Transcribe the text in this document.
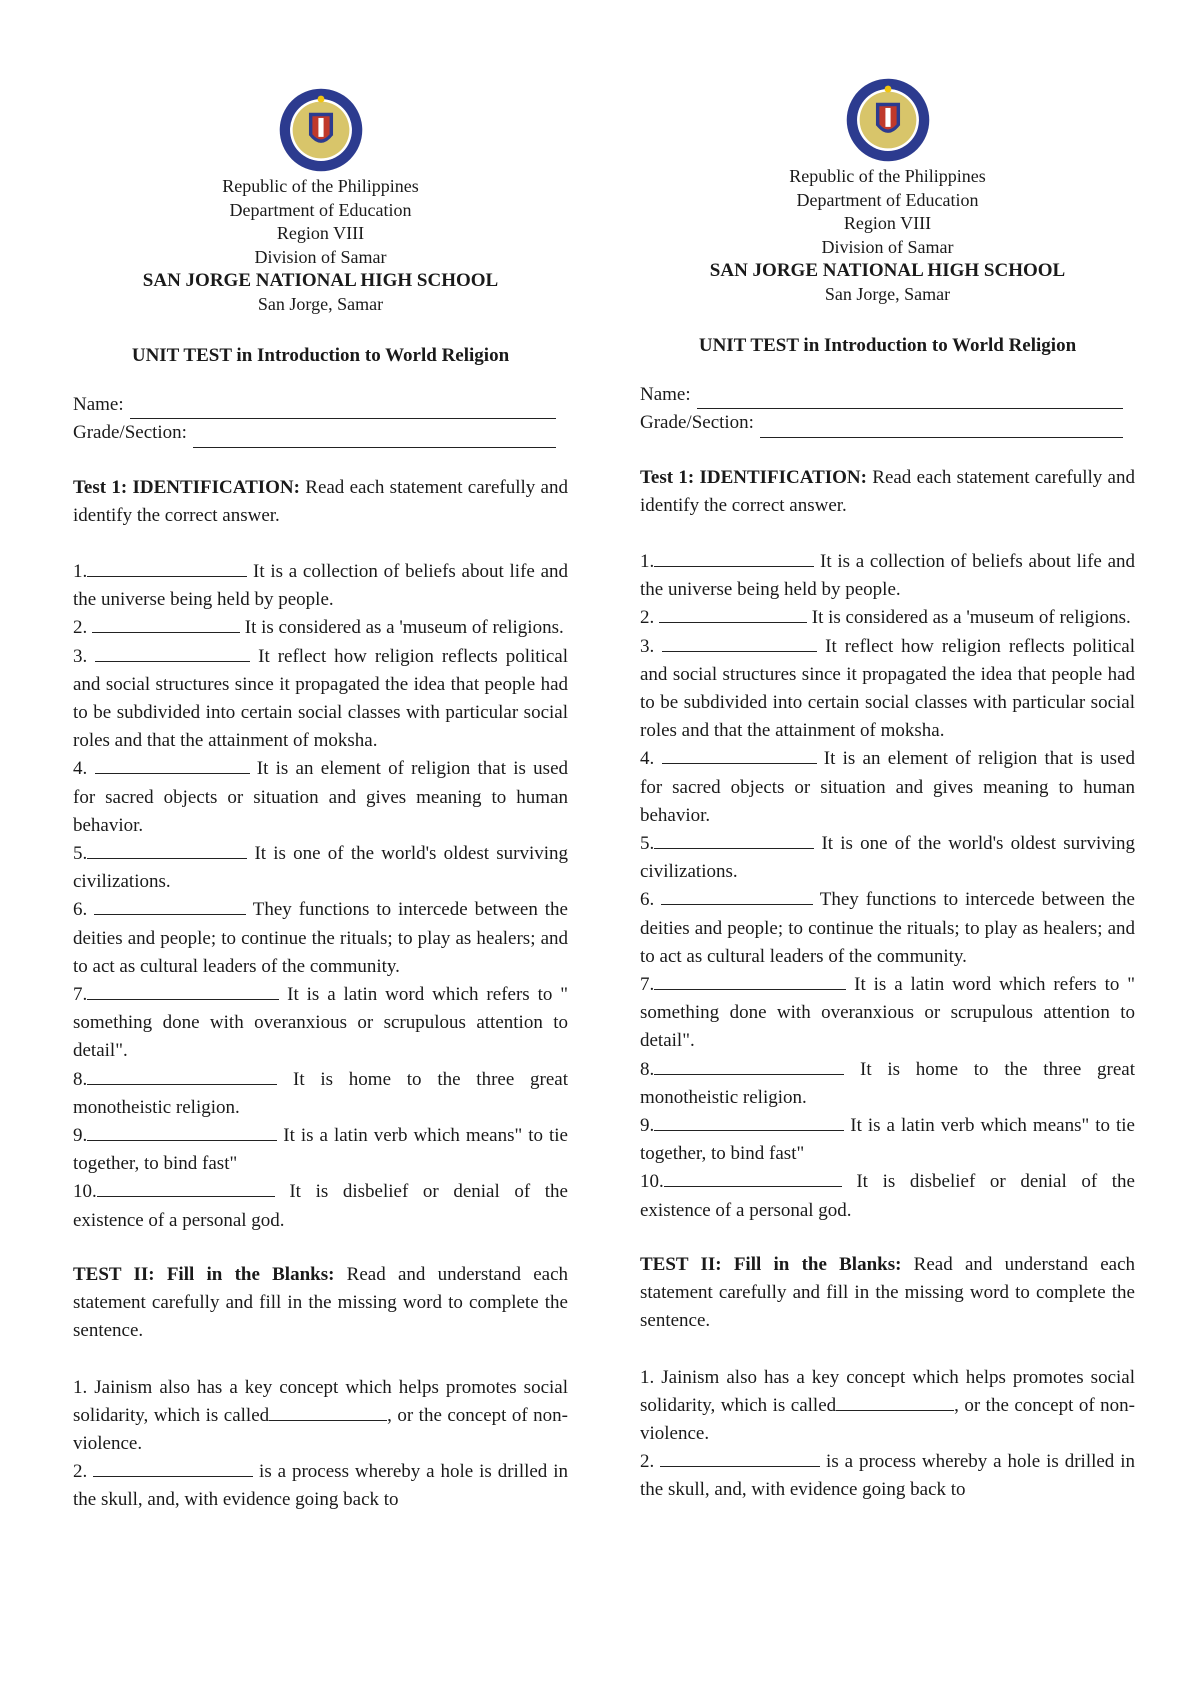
Republic of the Philippines
Department of Education
Region VIII
Division of Samar
SAN JORGE NATIONAL HIGH SCHOOL
San Jorge, Samar
UNIT TEST in Introduction to World Religion
Name:
Grade/Section:
Test 1: IDENTIFICATION: Read each statement carefully and identify the correct answer.
1.	It is a collection of beliefs about life and the universe being held by people.
2.	It is considered as a 'museum of religions.
3.	It reflect how religion reflects political and social structures since it propagated the idea that people had to be subdivided into certain social classes with particular social roles and that the attainment of moksha.
4.	It is an element of religion that is used for sacred objects or situation and gives meaning to human behavior.
5.	It is one of the world's oldest surviving civilizations.
6.	They functions to intercede between the deities and people; to continue the rituals; to play as healers; and to act as cultural leaders of the community.
7.	It is a latin word which refers to " something done with overanxious or scrupulous attention to detail".
8.	It is home to the three great monotheistic religion.
9.	It is a latin verb which means" to tie together, to bind fast"
10.	It is disbelief or denial of the existence of a personal god.
TEST II: Fill in the Blanks: Read and understand each statement carefully and fill in the missing word to complete the sentence.
1. Jainism also has a key concept which helps promotes social solidarity, which is called	, or the concept of non-violence.
2.	is a process whereby a hole is drilled in the skull, and, with evidence going back to
Republic of the Philippines
Department of Education
Region VIII
Division of Samar
SAN JORGE NATIONAL HIGH SCHOOL
San Jorge, Samar
UNIT TEST in Introduction to World Religion
Name:
Grade/Section:
Test 1: IDENTIFICATION: Read each statement carefully and identify the correct answer.
1.	It is a collection of beliefs about life and the universe being held by people.
2.	It is considered as a 'museum of religions.
3.	It reflect how religion reflects political and social structures since it propagated the idea that people had to be subdivided into certain social classes with particular social roles and that the attainment of moksha.
4.	It is an element of religion that is used for sacred objects or situation and gives meaning to human behavior.
5.	It is one of the world's oldest surviving civilizations.
6.	They functions to intercede between the deities and people; to continue the rituals; to play as healers; and to act as cultural leaders of the community.
7.	It is a latin word which refers to " something done with overanxious or scrupulous attention to detail".
8.	It is home to the three great monotheistic religion.
9.	It is a latin verb which means" to tie together, to bind fast"
10.	It is disbelief or denial of the existence of a personal god.
TEST II: Fill in the Blanks: Read and understand each statement carefully and fill in the missing word to complete the sentence.
1. Jainism also has a key concept which helps promotes social solidarity, which is called	, or the concept of non-violence.
2.	is a process whereby a hole is drilled in the skull, and, with evidence going back to
